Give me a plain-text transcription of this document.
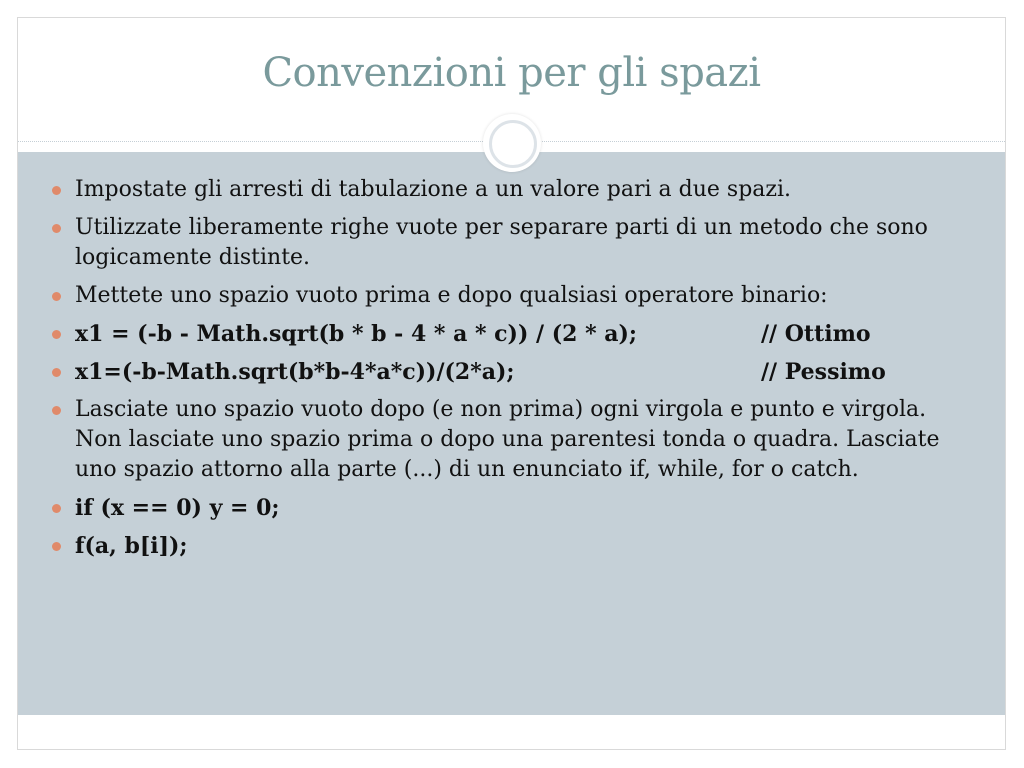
Convenzioni per gli spazi
Impostate gli arresti di tabulazione a un valore pari a due spazi.
Utilizzate liberamente righe vuote per separare parti di un metodo che sono logicamente distinte.
Mettete uno spazio vuoto prima e dopo qualsiasi operatore binario:
x1 = (-b - Math.sqrt(b * b - 4 * a * c)) / (2 * a);	// Ottimo
x1=(-b-Math.sqrt(b*b-4*a*c))/(2*a);	// Pessimo
Lasciate uno spazio vuoto dopo (e non prima) ogni virgola e punto e virgola. Non lasciate uno spazio prima o dopo una parentesi tonda o quadra. Lasciate uno spazio attorno alla parte (...) di un enunciato if, while, for o catch.
if (x == 0) y = 0;
f(a, b[i]);
